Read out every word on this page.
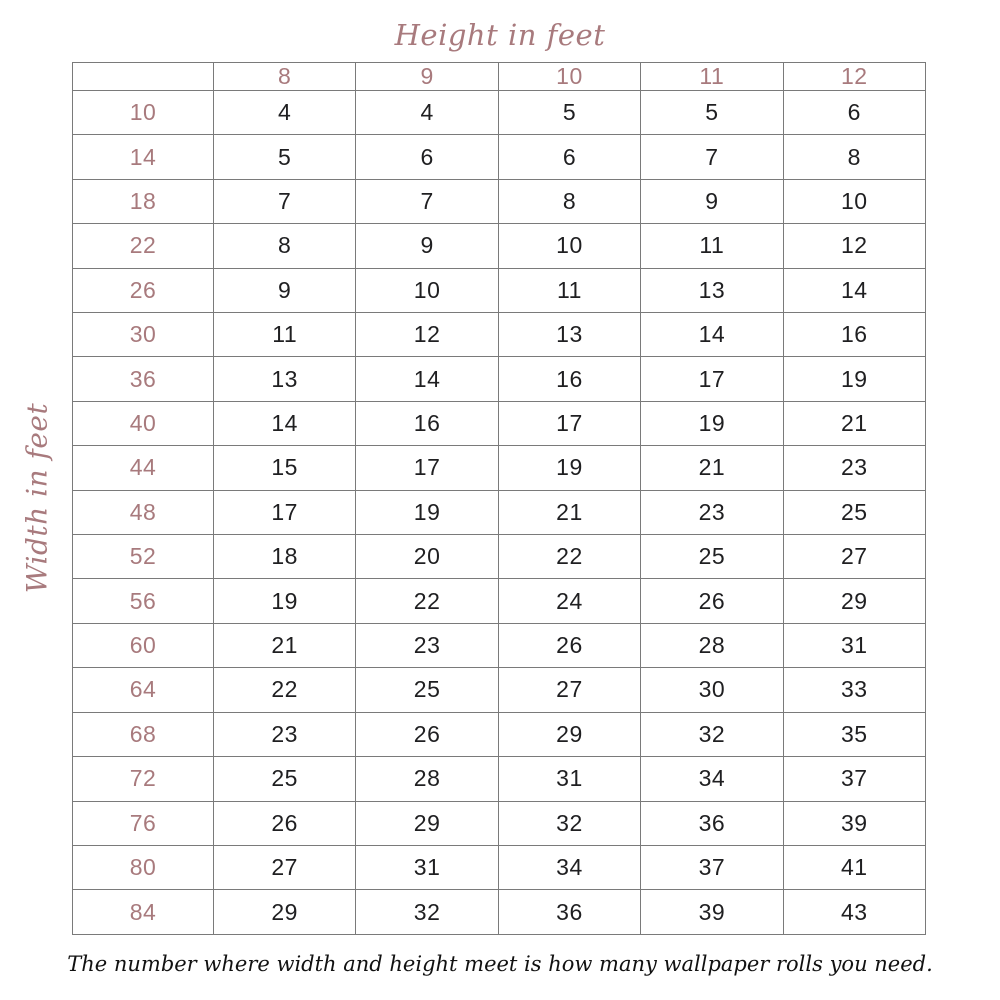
Height in feet
Width in feet
	8	9	10	11	12
10	4	4	5	5	6
14	5	6	6	7	8
18	7	7	8	9	10
22	8	9	10	11	12
26	9	10	11	13	14
30	11	12	13	14	16
36	13	14	16	17	19
40	14	16	17	19	21
44	15	17	19	21	23
48	17	19	21	23	25
52	18	20	22	25	27
56	19	22	24	26	29
60	21	23	26	28	31
64	22	25	27	30	33
68	23	26	29	32	35
72	25	28	31	34	37
76	26	29	32	36	39
80	27	31	34	37	41
84	29	32	36	39	43
The number where width and height meet is how many wallpaper rolls you need.
